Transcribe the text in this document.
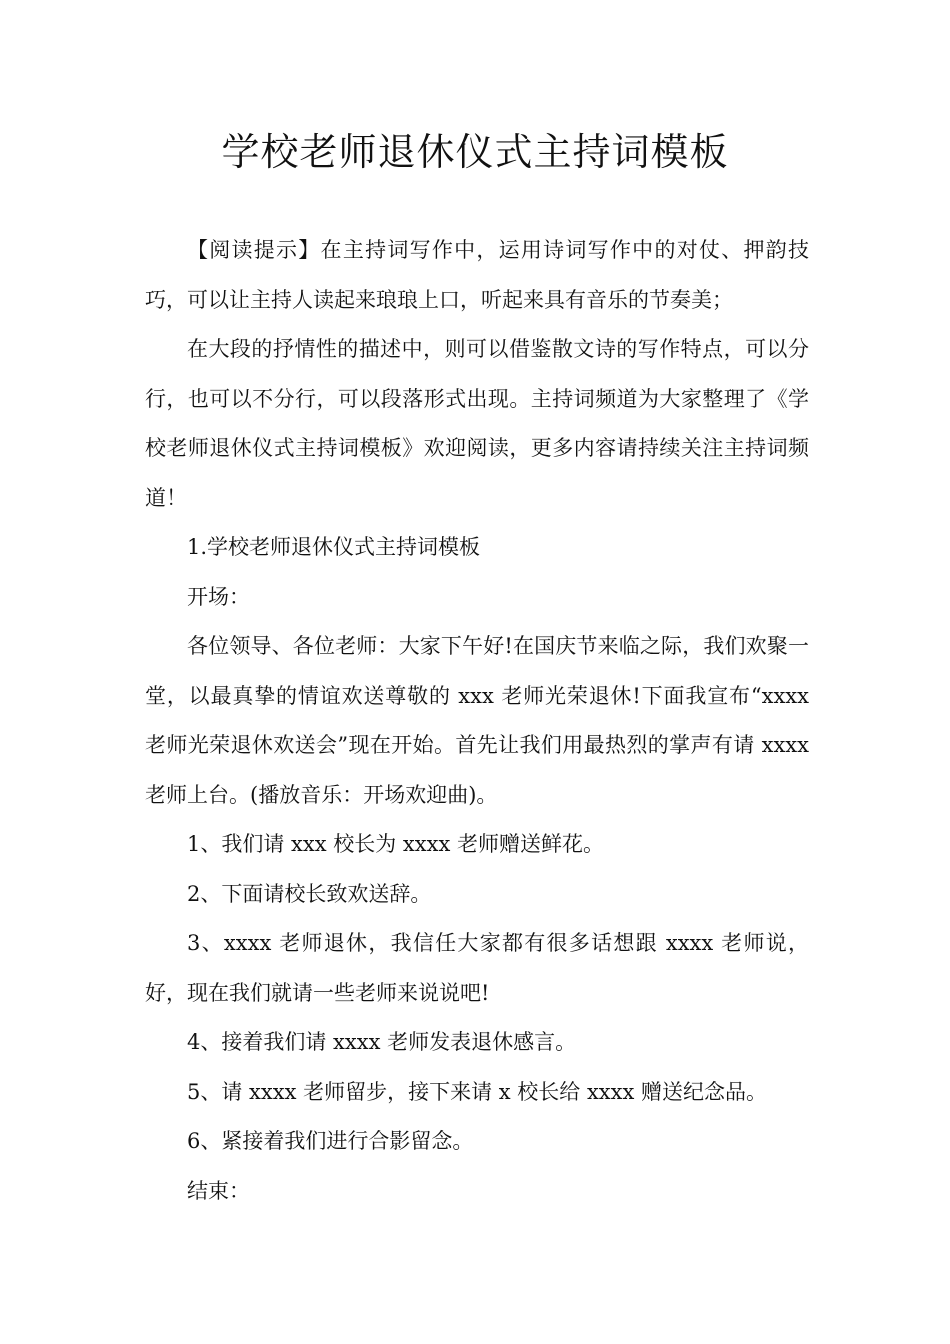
学校老师退休仪式主持词模板

【阅读提示】在主持词写作中，运用诗词写作中的对仗、押韵技巧，可以让主持人读起来琅琅上口，听起来具有音乐的节奏美；

在大段的抒情性的描述中，则可以借鉴散文诗的写作特点，可以分行，也可以不分行，可以段落形式出现。主持词频道为大家整理了《学校老师退休仪式主持词模板》欢迎阅读，更多内容请持续关注主持词频道！

1.学校老师退休仪式主持词模板

开场：

各位领导、各位老师：大家下午好!在国庆节来临之际，我们欢聚一堂，以最真挚的情谊欢送尊敬的 xxx 老师光荣退休!下面我宣布“xxxx 老师光荣退休欢送会”现在开始。首先让我们用最热烈的掌声有请 xxxx 老师上台。(播放音乐：开场欢迎曲)。

1、我们请 xxx 校长为 xxxx 老师赠送鲜花。

2、下面请校长致欢送辞。

3、xxxx 老师退休，我信任大家都有很多话想跟 xxxx 老师说，好，现在我们就请一些老师来说说吧!

4、接着我们请 xxxx 老师发表退休感言。

5、请 xxxx 老师留步，接下来请 x 校长给 xxxx 赠送纪念品。

6、紧接着我们进行合影留念。

结束：
